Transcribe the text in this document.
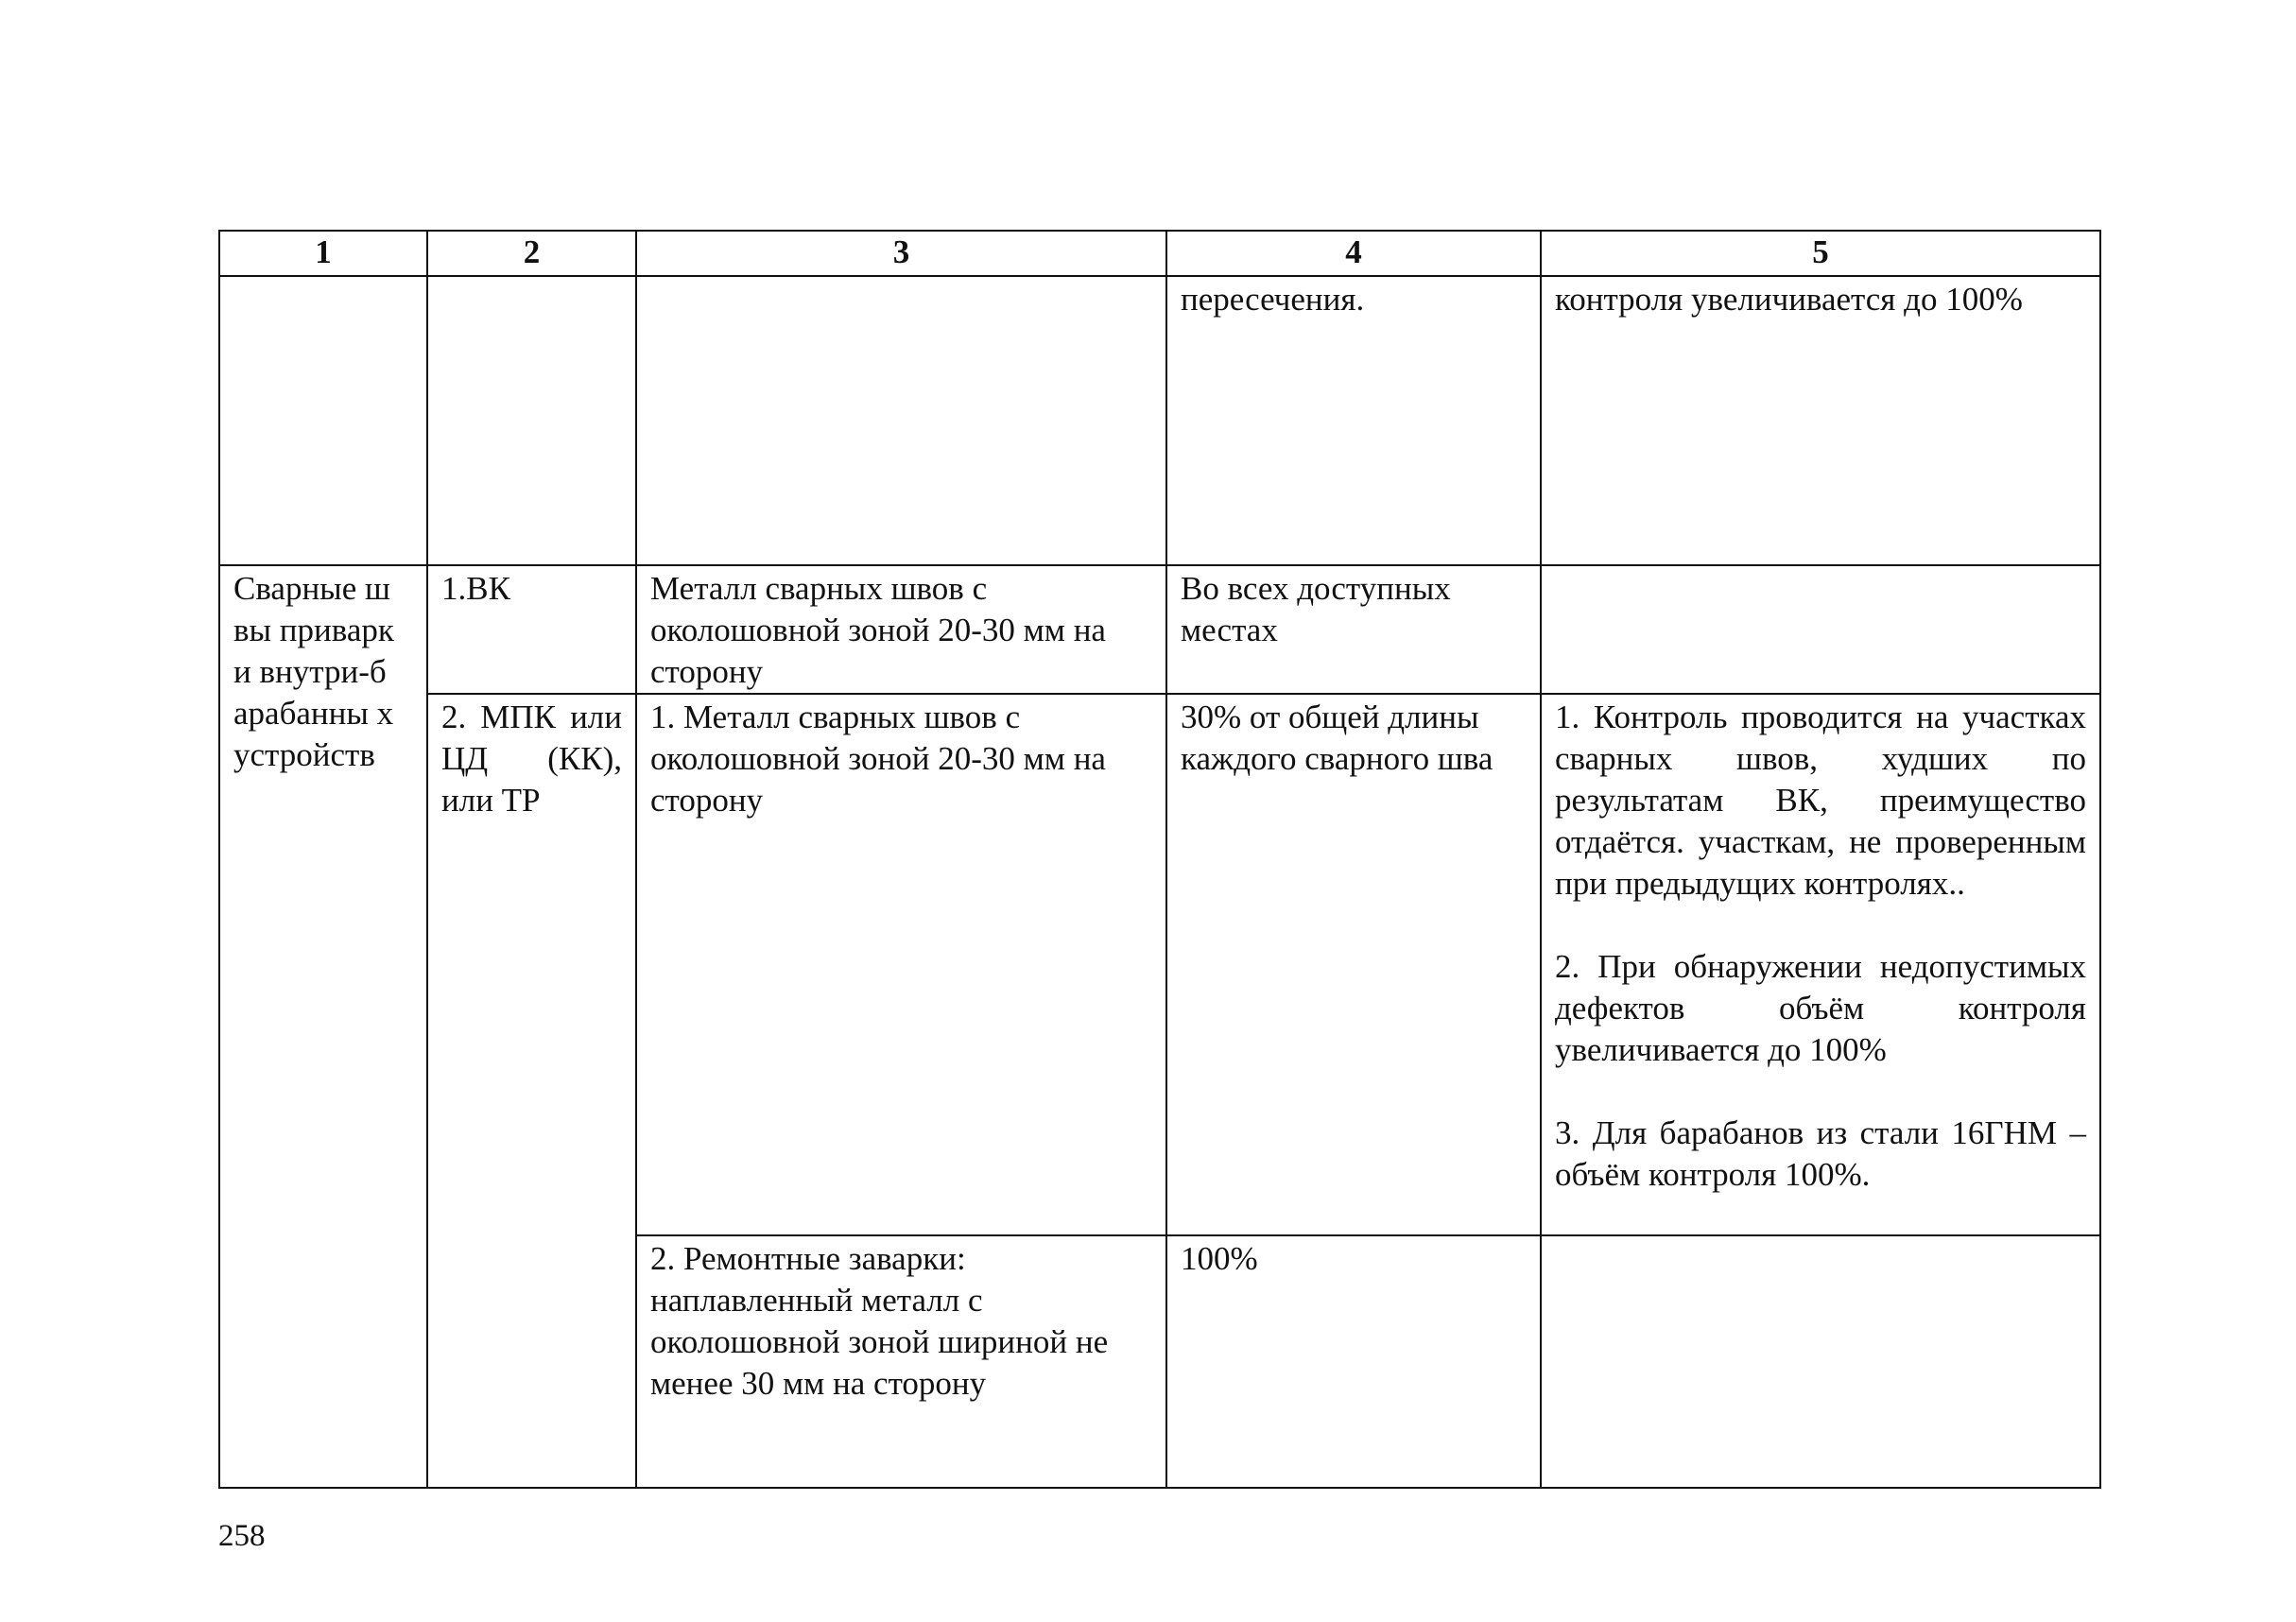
1	2	3	4	5
			пересечения.	контроля увеличивается до 100%

Сварные швы приварки внутри-барабанны х устройств	1.ВК	Металл сварных швов с околошовной зоной 20-30 мм на сторону	Во всех доступных местах	
	2. МПК или ЦД (КК), или ТР	1. Металл сварных швов с околошовной зоной 20-30 мм на сторону	30% от общей длины каждого сварного шва	1. Контроль проводится на участках сварных швов, худших по результатам ВК, преимущество отдаётся. участкам, не проверенным при предыдущих контролях..
2. При обнаружении недопустимых дефектов объём контроля увеличивается до 100%
3. Для барабанов из стали 16ГНМ – объём контроля 100%.

		2. Ремонтные заварки: наплавленный металл с околошовной зоной шириной не менее 30 мм на сторону	100%	
258
